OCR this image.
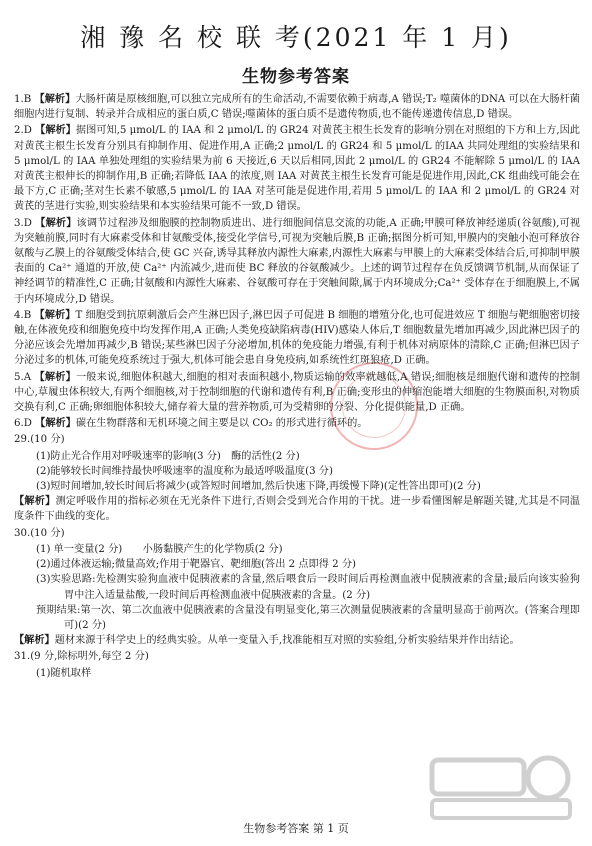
湘 豫 名 校 联 考(2021 年 1 月)
生物参考答案

1.B 【解析】大肠杆菌是原核细胞,可以独立完成所有的生命活动,不需要依赖于病毒,A 错误;T₂ 噬菌体的DNA 可以在大肠杆菌细胞内进行复制、转录并合成相应的蛋白质,C 错误;噬菌体的蛋白质不是遗传物质,也不能传递遗传信息,D 错误。

2.D 【解析】据图可知,5 μmol/L 的 IAA 和 2 μmol/L 的 GR24 对黄芪主根生长发育的影响分别在对照组的下方和上方,因此对黄芪主根生长发育分别具有抑制作用、促进作用,A 正确;2 μmol/L 的 GR24 和 5 μmol/L 的IAA 共同处理组的实验结果和 5 μmol/L 的 IAA 单独处理组的实验结果为前 6 天接近,6 天以后相同,因此 2 μmol/L 的 GR24 不能解除 5 μmol/L 的 IAA 对黄芪主根伸长的抑制作用,B 正确;若降低 IAA 的浓度,则 IAA 对黄芪主根生长发育可能是促进作用,因此,CK 组曲线可能会在最下方,C 正确;茎对生长素不敏感,5 μmol/L 的 IAA 对茎可能是促进作用,若用 5 μmol/L 的 IAA 和 2 μmol/L 的 GR24 对黄芪的茎进行实验,则实验结果和本实验结果可能不一致,D 错误。

3.D 【解析】该调节过程涉及细胞膜的控制物质进出、进行细胞间信息交流的功能,A 正确;甲膜可释放神经递质(谷氨酸),可视为突触前膜,同时有大麻素受体和甘氨酸受体,接受化学信号,可视为突触后膜,B 正确;据图分析可知,甲膜内的突触小泡可释放谷氨酸与乙膜上的谷氨酸受体结合,使 GC 兴奋,诱导其释放内源性大麻素,内源性大麻素与甲膜上的大麻素受体结合后,可抑制甲膜表面的 Ca²⁺ 通道的开放,使 Ca²⁺ 内流减少,进而使 BC 释放的谷氨酸减少。上述的调节过程存在负反馈调节机制,从而保证了神经调节的精准性,C 正确;甘氨酸和内源性大麻素、谷氨酸可存在于突触间隙,属于内环境成分;Ca²⁺ 受体存在于细胞膜上,不属于内环境成分,D 错误。

4.B 【解析】T 细胞受到抗原刺激后会产生淋巴因子,淋巴因子可促进 B 细胞的增殖分化,也可促进效应 T 细胞与靶细胞密切接触,在体液免疫和细胞免疫中均发挥作用,A 正确;人类免疫缺陷病毒(HIV)感染人体后,T 细胞数量先增加再减少,因此淋巴因子的分泌应该会先增加再减少,B 错误;某些淋巴因子分泌增加,机体的免疫能力增强,有利于机体对病原体的清除,C 正确;但淋巴因子分泌过多的机体,可能免疫系统过于强大,机体可能会患自身免疫病,如系统性红斑狼疮,D 正确。

5.A 【解析】一般来说,细胞体积越大,细胞的相对表面积越小,物质运输的效率就越低,A 错误;细胞核是细胞代谢和遗传的控制中心,草履虫体积较大,有两个细胞核,对于控制细胞的代谢和遗传有利,B 正确;变形虫的伸缩泡能增大细胞的生物膜面积,对物质交换有利,C 正确;卵细胞体积较大,储存着大量的营养物质,可为受精卵的分裂、分化提供能量,D 正确。

6.D 【解析】碳在生物群落和无机环境之间主要是以 CO₂ 的形式进行循环的。

29.(10 分)

(1)防止光合作用对呼吸速率的影响(3 分)　酶的活性(2 分)

(2)能够较长时间维持最快呼吸速率的温度称为最适呼吸温度(3 分)

(3)短时间增加,较长时间后将减少(或答短时间增加,然后快速下降,再缓慢下降)(定性答出即可)(2 分)

【解析】测定呼吸作用的指标必须在无光条件下进行,否则会受到光合作用的干扰。进一步看懂图解是解题关键,尤其是不同温度条件下曲线的变化。

30.(10 分)

(1) 单一变量(2 分)　　小肠黏膜产生的化学物质(2 分)

(2)通过体液运输;微量高效;作用于靶器官、靶细胞(答出 2 点即得 2 分)

(3)实验思路:先检测实验狗血液中促胰液素的含量,然后喂食后一段时间后再检测血液中促胰液素的含量;最后向该实验狗胃中注入适量盐酸,一段时间后再检测血液中促胰液素的含量。(2 分)

预期结果:第一次、第二次血液中促胰液素的含量没有明显变化,第三次测量促胰液素的含量明显高于前两次。(答案合理即可)(2 分)

【解析】题材来源于科学史上的经典实验。从单一变量入手,找准能相互对照的实验组,分析实验结果并作出结论。

31.(9 分,除标明外,每空 2 分)

(1)随机取样

生物参考答案 第 1 页
